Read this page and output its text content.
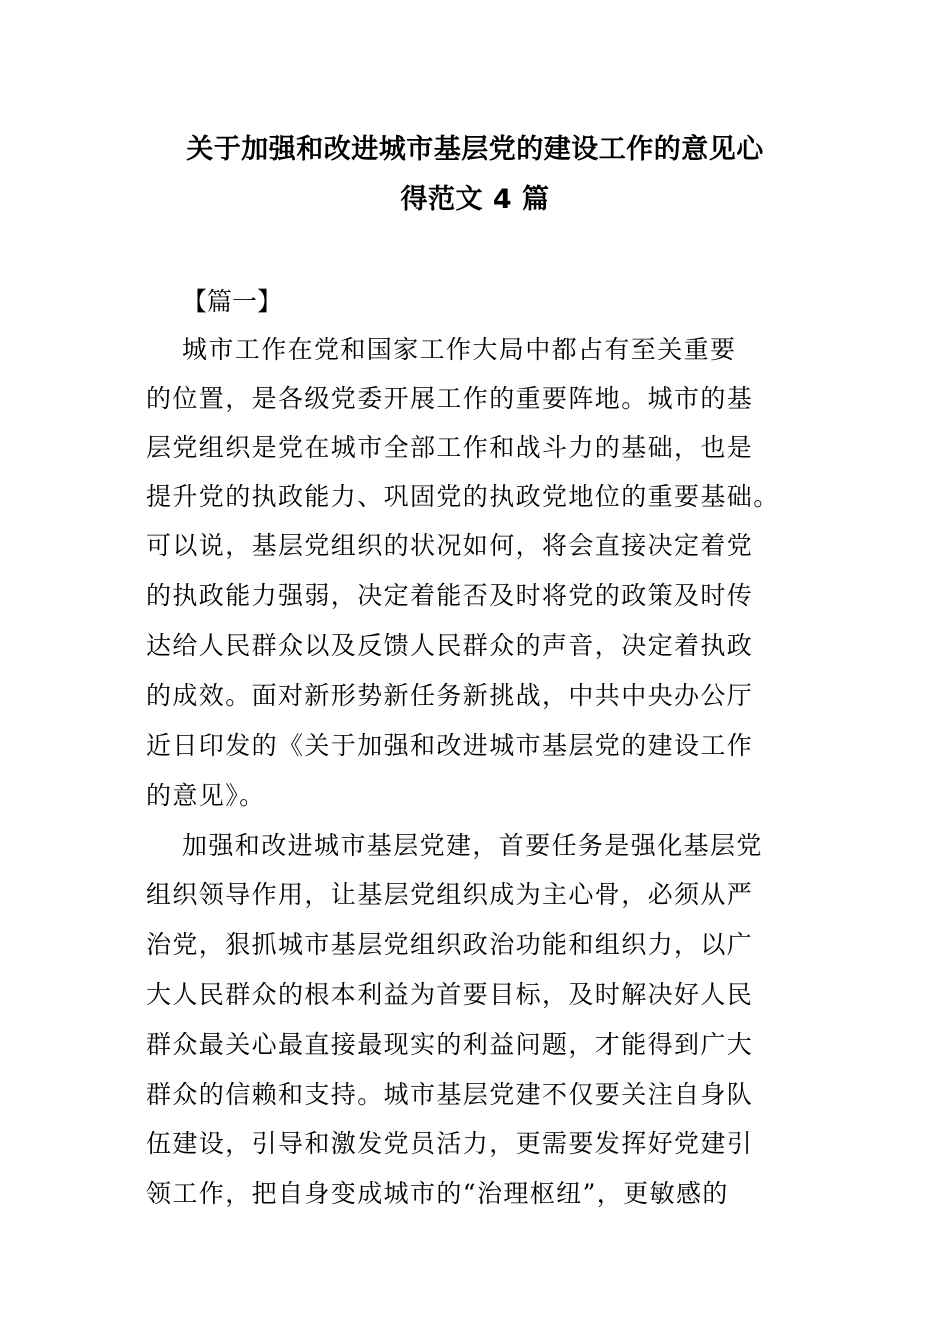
关于加强和改进城市基层党的建设工作的意见心
得范文 4 篇
【篇一】
城市工作在党和国家工作大局中都占有至关重要
的位置，是各级党委开展工作的重要阵地。城市的基
层党组织是党在城市全部工作和战斗力的基础，也是
提升党的执政能力、巩固党的执政党地位的重要基础。
可以说，基层党组织的状况如何，将会直接决定着党
的执政能力强弱，决定着能否及时将党的政策及时传
达给人民群众以及反馈人民群众的声音，决定着执政
的成效。面对新形势新任务新挑战，中共中央办公厅
近日印发的《关于加强和改进城市基层党的建设工作
的意见》。
加强和改进城市基层党建，首要任务是强化基层党
组织领导作用，让基层党组织成为主心骨，必须从严
治党，狠抓城市基层党组织政治功能和组织力，以广
大人民群众的根本利益为首要目标，及时解决好人民
群众最关心最直接最现实的利益问题，才能得到广大
群众的信赖和支持。城市基层党建不仅要关注自身队
伍建设，引导和激发党员活力，更需要发挥好党建引
领工作，把自身变成城市的“治理枢纽”，更敏感的
